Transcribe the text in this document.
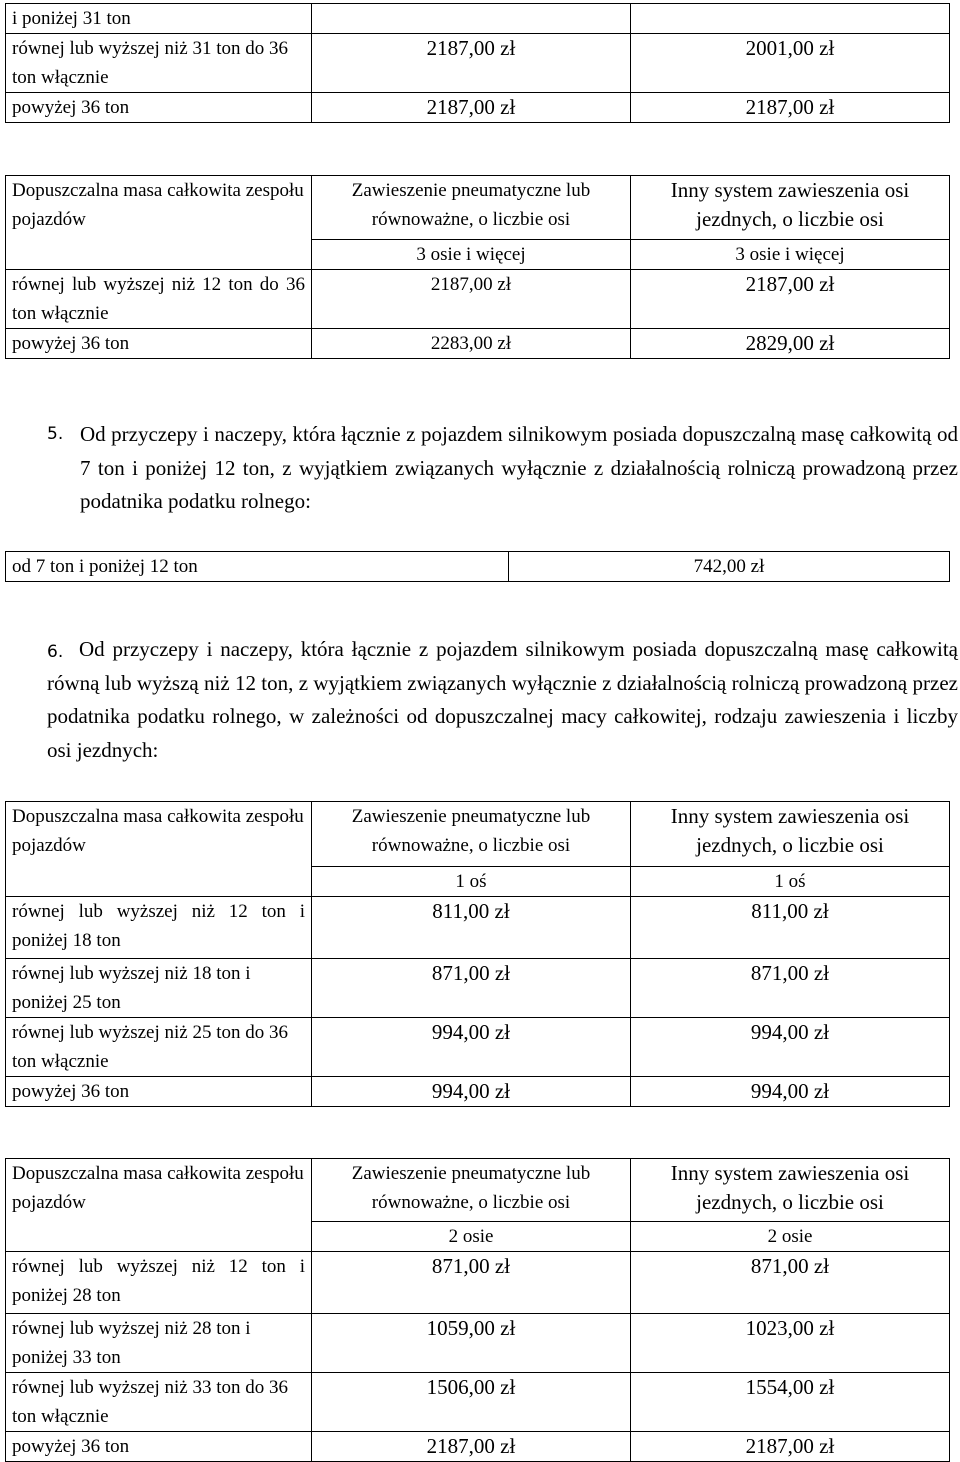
i poniżej 31 ton		
równej lub wyższej niż 31 ton do 36 ton włącznie	2187,00 zł	2001,00 zł
powyżej 36 ton	2187,00 zł	2187,00 zł
Dopuszczalna masa całkowita zespołu pojazdów	Zawieszenie pneumatyczne lub równoważne, o liczbie osi	Inny system zawieszenia osi jezdnych, o liczbie osi
	3 osie i więcej	3 osie i więcej
równej lub wyższej niż 12 ton do 36 ton włącznie	2187,00 zł	2187,00 zł
powyżej 36 ton	2283,00 zł	2829,00 zł
5. Od przyczepy i naczepy, która łącznie z pojazdem silnikowym posiada dopuszczalną masę całkowitą od 7 ton i poniżej 12 ton, z wyjątkiem związanych wyłącznie z działalnością rolniczą prowadzoną przez podatnika podatku rolnego:
od 7 ton i poniżej 12 ton	742,00 zł
6. Od przyczepy i naczepy, która łącznie z pojazdem silnikowym posiada dopuszczalną masę całkowitą równą lub wyższą niż 12 ton, z wyjątkiem związanych wyłącznie z działalnością rolniczą prowadzoną przez podatnika podatku rolnego, w zależności od dopuszczalnej macy całkowitej, rodzaju zawieszenia i liczby osi jezdnych:
Dopuszczalna masa całkowita zespołu pojazdów	Zawieszenie pneumatyczne lub równoważne, o liczbie osi	Inny system zawieszenia osi jezdnych, o liczbie osi
	1 oś	1 oś
równej lub wyższej niż 12 ton i poniżej 18 ton	811,00 zł	811,00 zł
równej lub wyższej niż 18 ton i poniżej 25 ton	871,00 zł	871,00 zł
równej lub wyższej niż 25 ton do 36 ton włącznie	994,00 zł	994,00 zł
powyżej 36 ton	994,00 zł	994,00 zł
Dopuszczalna masa całkowita zespołu pojazdów	Zawieszenie pneumatyczne lub równoważne, o liczbie osi	Inny system zawieszenia osi jezdnych, o liczbie osi
	2 osie	2 osie
równej lub wyższej niż 12 ton i poniżej 28 ton	871,00 zł	871,00 zł
równej lub wyższej niż 28 ton i poniżej 33 ton	1059,00 zł	1023,00 zł
równej lub wyższej niż 33 ton do 36 ton włącznie	1506,00 zł	1554,00 zł
powyżej 36 ton	2187,00 zł	2187,00 zł
